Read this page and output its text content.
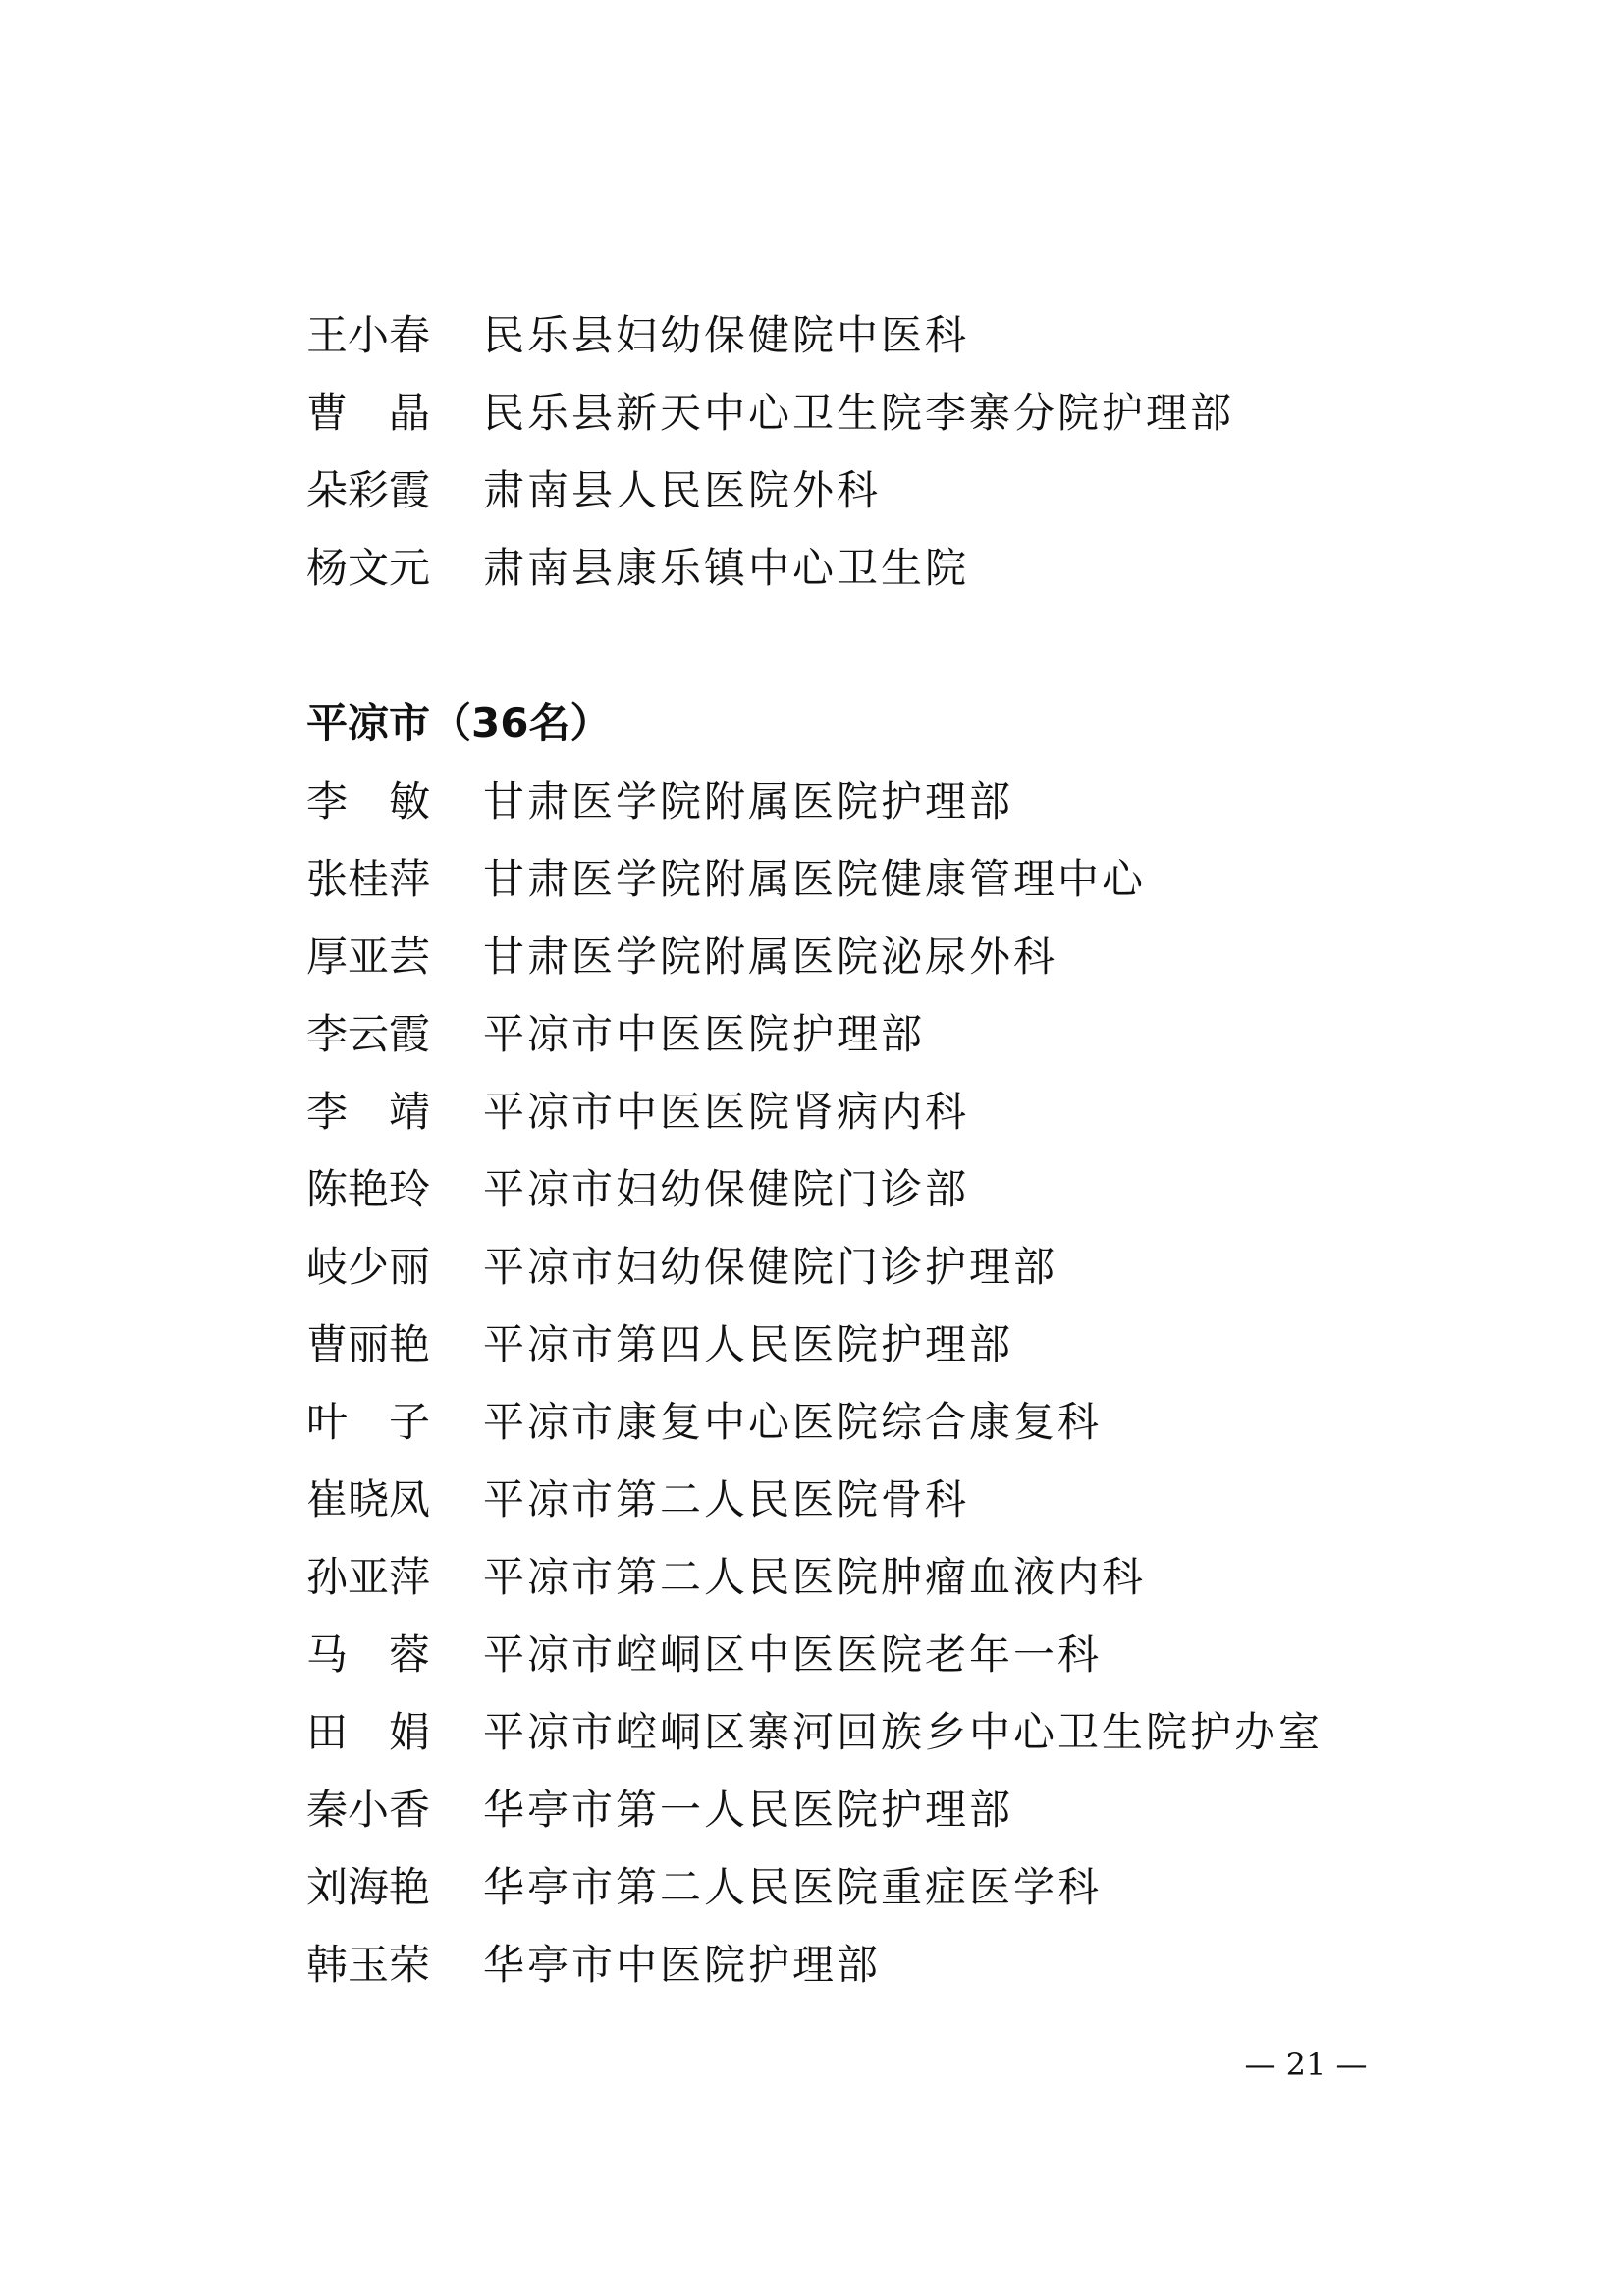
王小春 民乐县妇幼保健院中医科
曹　晶 民乐县新天中心卫生院李寨分院护理部
朵彩霞 肃南县人民医院外科
杨文元 肃南县康乐镇中心卫生院
平凉市（36名）
李　敏 甘肃医学院附属医院护理部
张桂萍 甘肃医学院附属医院健康管理中心
厚亚芸 甘肃医学院附属医院泌尿外科
李云霞 平凉市中医医院护理部
李　靖 平凉市中医医院肾病内科
陈艳玲 平凉市妇幼保健院门诊部
岐少丽 平凉市妇幼保健院门诊护理部
曹丽艳 平凉市第四人民医院护理部
叶　子 平凉市康复中心医院综合康复科
崔晓凤 平凉市第二人民医院骨科
孙亚萍 平凉市第二人民医院肿瘤血液内科
马　蓉 平凉市崆峒区中医医院老年一科
田　娟 平凉市崆峒区寨河回族乡中心卫生院护办室
秦小香 华亭市第一人民医院护理部
刘海艳 华亭市第二人民医院重症医学科
韩玉荣 华亭市中医院护理部
— 21 —
